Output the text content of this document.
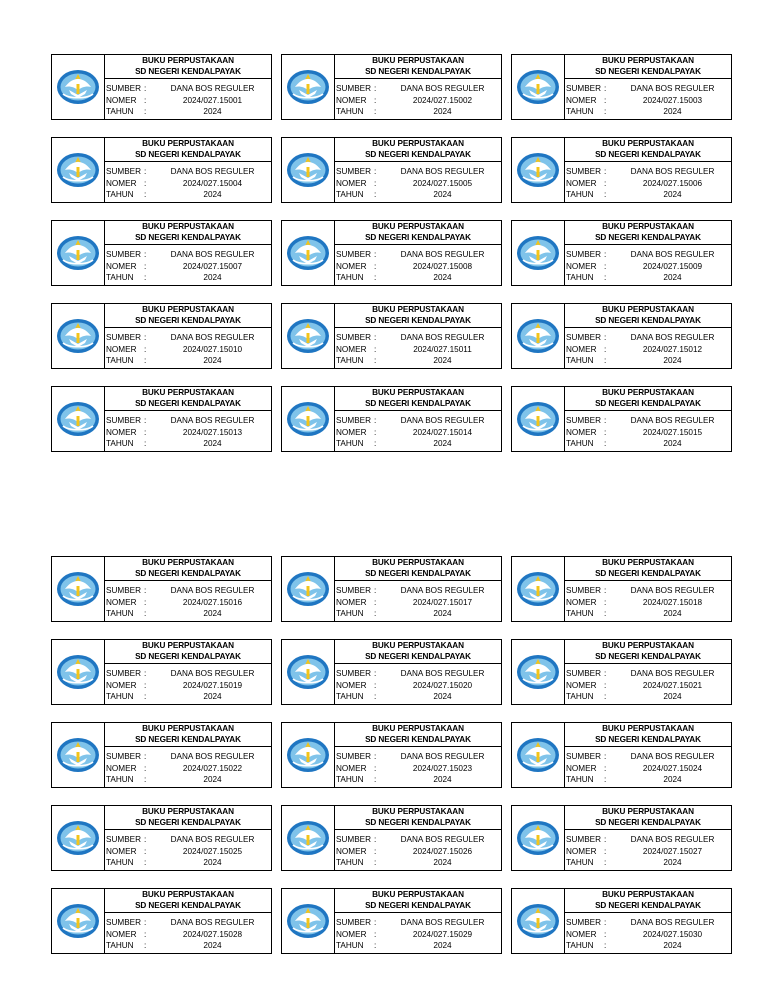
BUKU PERPUSTAKAAN
SD NEGERI KENDALPAYAK
SUMBER :	DANA BOS REGULER
NOMER :	2024/027.15001
TAHUN	:	2024
BUKU PERPUSTAKAAN
SD NEGERI KENDALPAYAK
SUMBER :	DANA BOS REGULER
NOMER :	2024/027.15002
TAHUN	:	2024
BUKU PERPUSTAKAAN
SD NEGERI KENDALPAYAK
SUMBER :	DANA BOS REGULER
NOMER :	2024/027.15003
TAHUN	:	2024
BUKU PERPUSTAKAAN
SD NEGERI KENDALPAYAK
SUMBER :	DANA BOS REGULER
NOMER :	2024/027.15004
TAHUN	:	2024
BUKU PERPUSTAKAAN
SD NEGERI KENDALPAYAK
SUMBER :	DANA BOS REGULER
NOMER :	2024/027.15005
TAHUN	:	2024
BUKU PERPUSTAKAAN
SD NEGERI KENDALPAYAK
SUMBER :	DANA BOS REGULER
NOMER :	2024/027.15006
TAHUN	:	2024
BUKU PERPUSTAKAAN
SD NEGERI KENDALPAYAK
SUMBER :	DANA BOS REGULER
NOMER :	2024/027.15007
TAHUN	:	2024
BUKU PERPUSTAKAAN
SD NEGERI KENDALPAYAK
SUMBER :	DANA BOS REGULER
NOMER :	2024/027.15008
TAHUN	:	2024
BUKU PERPUSTAKAAN
SD NEGERI KENDALPAYAK
SUMBER :	DANA BOS REGULER
NOMER :	2024/027.15009
TAHUN	:	2024
BUKU PERPUSTAKAAN
SD NEGERI KENDALPAYAK
SUMBER :	DANA BOS REGULER
NOMER :	2024/027.15010
TAHUN	:	2024
BUKU PERPUSTAKAAN
SD NEGERI KENDALPAYAK
SUMBER :	DANA BOS REGULER
NOMER :	2024/027.15011
TAHUN	:	2024
BUKU PERPUSTAKAAN
SD NEGERI KENDALPAYAK
SUMBER :	DANA BOS REGULER
NOMER :	2024/027.15012
TAHUN	:	2024
BUKU PERPUSTAKAAN
SD NEGERI KENDALPAYAK
SUMBER :	DANA BOS REGULER
NOMER :	2024/027.15013
TAHUN	:	2024
BUKU PERPUSTAKAAN
SD NEGERI KENDALPAYAK
SUMBER :	DANA BOS REGULER
NOMER :	2024/027.15014
TAHUN	:	2024
BUKU PERPUSTAKAAN
SD NEGERI KENDALPAYAK
SUMBER :	DANA BOS REGULER
NOMER :	2024/027.15015
TAHUN	:	2024
BUKU PERPUSTAKAAN
SD NEGERI KENDALPAYAK
SUMBER :	DANA BOS REGULER
NOMER :	2024/027.15016
TAHUN	:	2024
BUKU PERPUSTAKAAN
SD NEGERI KENDALPAYAK
SUMBER :	DANA BOS REGULER
NOMER :	2024/027.15017
TAHUN	:	2024
BUKU PERPUSTAKAAN
SD NEGERI KENDALPAYAK
SUMBER :	DANA BOS REGULER
NOMER :	2024/027.15018
TAHUN	:	2024
BUKU PERPUSTAKAAN
SD NEGERI KENDALPAYAK
SUMBER :	DANA BOS REGULER
NOMER :	2024/027.15019
TAHUN	:	2024
BUKU PERPUSTAKAAN
SD NEGERI KENDALPAYAK
SUMBER :	DANA BOS REGULER
NOMER :	2024/027.15020
TAHUN	:	2024
BUKU PERPUSTAKAAN
SD NEGERI KENDALPAYAK
SUMBER :	DANA BOS REGULER
NOMER :	2024/027.15021
TAHUN	:	2024
BUKU PERPUSTAKAAN
SD NEGERI KENDALPAYAK
SUMBER :	DANA BOS REGULER
NOMER :	2024/027.15022
TAHUN	:	2024
BUKU PERPUSTAKAAN
SD NEGERI KENDALPAYAK
SUMBER :	DANA BOS REGULER
NOMER :	2024/027.15023
TAHUN	:	2024
BUKU PERPUSTAKAAN
SD NEGERI KENDALPAYAK
SUMBER :	DANA BOS REGULER
NOMER :	2024/027.15024
TAHUN	:	2024
BUKU PERPUSTAKAAN
SD NEGERI KENDALPAYAK
SUMBER :	DANA BOS REGULER
NOMER :	2024/027.15025
TAHUN	:	2024
BUKU PERPUSTAKAAN
SD NEGERI KENDALPAYAK
SUMBER :	DANA BOS REGULER
NOMER :	2024/027.15026
TAHUN	:	2024
BUKU PERPUSTAKAAN
SD NEGERI KENDALPAYAK
SUMBER :	DANA BOS REGULER
NOMER :	2024/027.15027
TAHUN	:	2024
BUKU PERPUSTAKAAN
SD NEGERI KENDALPAYAK
SUMBER :	DANA BOS REGULER
NOMER :	2024/027.15028
TAHUN	:	2024
BUKU PERPUSTAKAAN
SD NEGERI KENDALPAYAK
SUMBER :	DANA BOS REGULER
NOMER :	2024/027.15029
TAHUN	:	2024
BUKU PERPUSTAKAAN
SD NEGERI KENDALPAYAK
SUMBER :	DANA BOS REGULER
NOMER :	2024/027.15030
TAHUN	:	2024
